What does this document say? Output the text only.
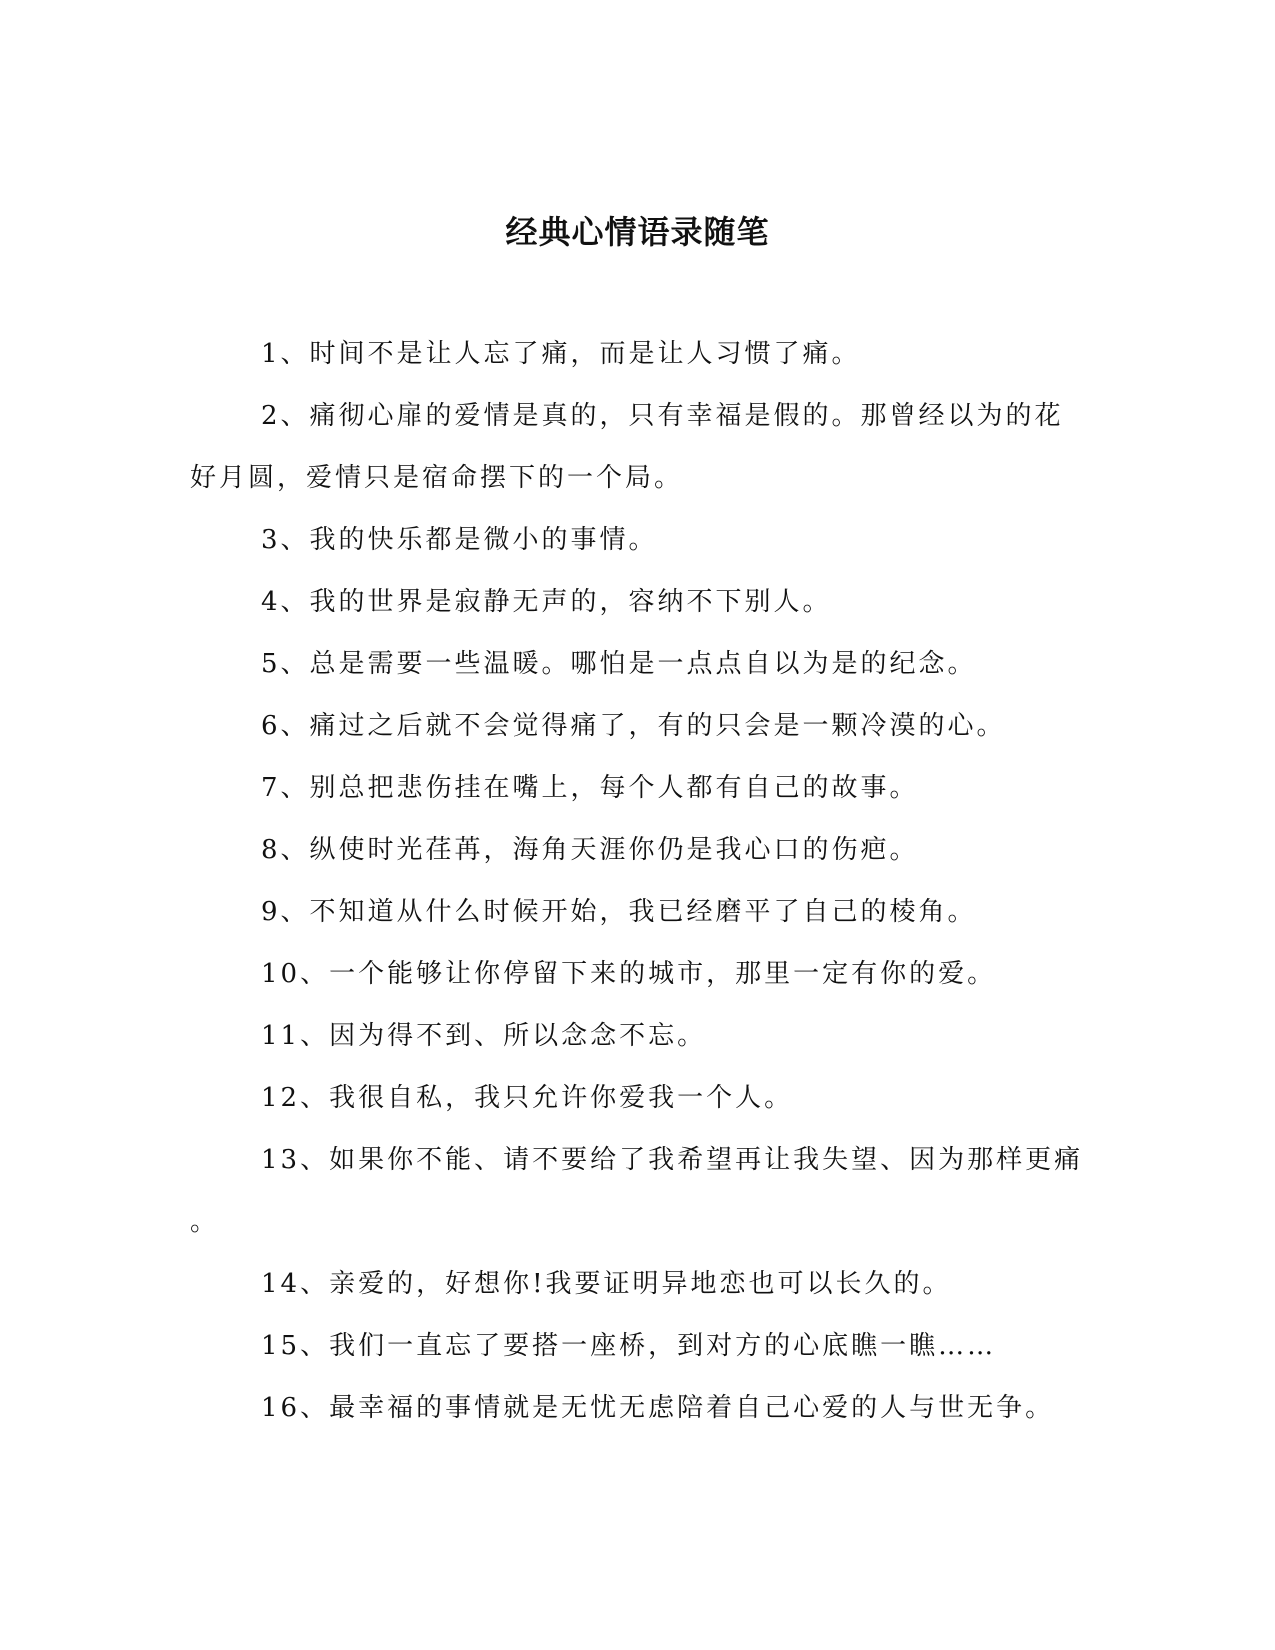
经典心情语录随笔
1、时间不是让人忘了痛，而是让人习惯了痛。
2、痛彻心扉的爱情是真的，只有幸福是假的。那曾经以为的花
好月圆，爱情只是宿命摆下的一个局。
3、我的快乐都是微小的事情。
4、我的世界是寂静无声的，容纳不下别人。
5、总是需要一些温暖。哪怕是一点点自以为是的纪念。
6、痛过之后就不会觉得痛了，有的只会是一颗冷漠的心。
7、别总把悲伤挂在嘴上，每个人都有自己的故事。
8、纵使时光荏苒，海角天涯你仍是我心口的伤疤。
9、不知道从什么时候开始，我已经磨平了自己的棱角。
10、一个能够让你停留下来的城市，那里一定有你的爱。
11、因为得不到、所以念念不忘。
12、我很自私，我只允许你爱我一个人。
13、如果你不能、请不要给了我希望再让我失望、因为那样更痛
。
14、亲爱的，好想你!我要证明异地恋也可以长久的。
15、我们一直忘了要搭一座桥，到对方的心底瞧一瞧……
16、最幸福的事情就是无忧无虑陪着自己心爱的人与世无争。
